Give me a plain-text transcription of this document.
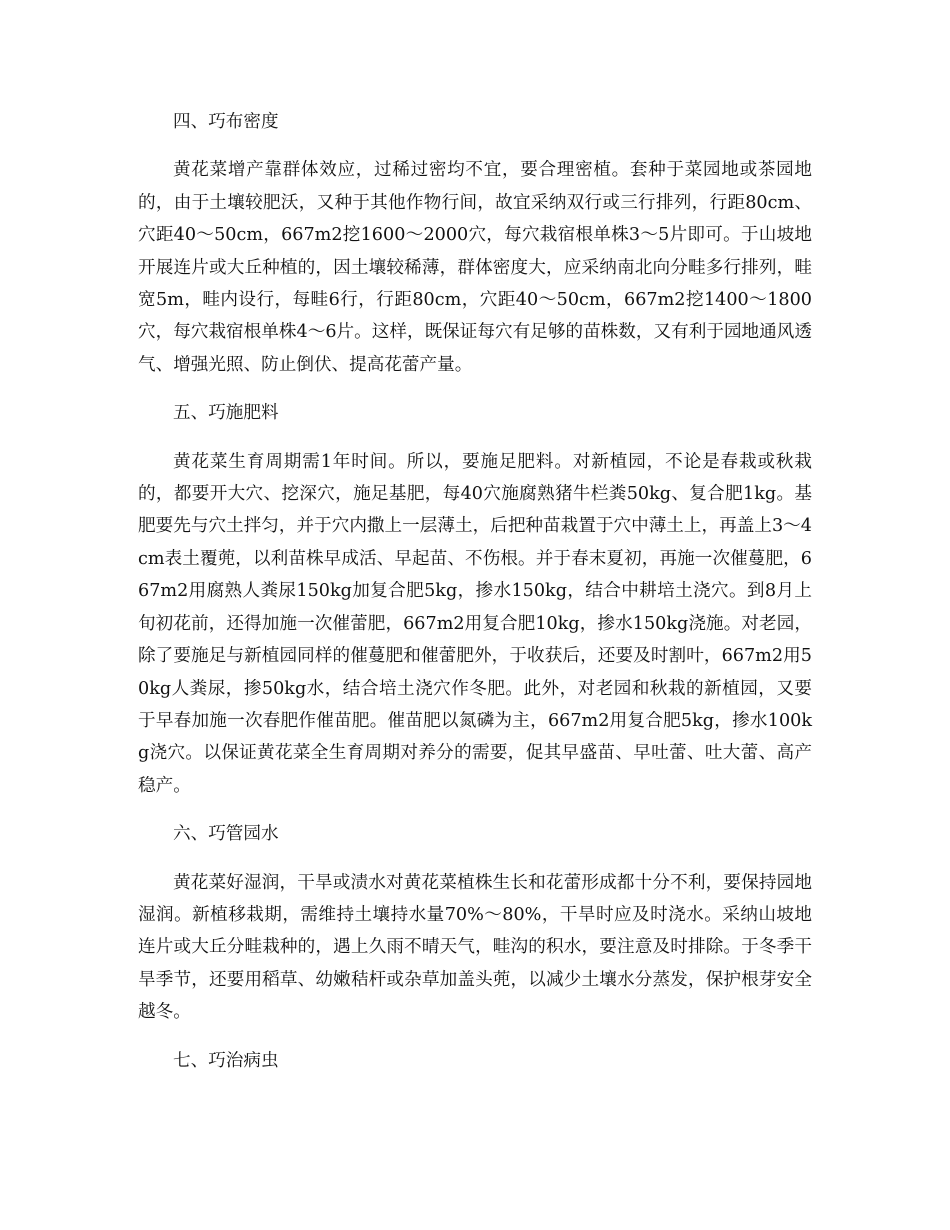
四、巧布密度

黄花菜增产靠群体效应，过稀过密均不宜，要合理密植。套种于菜园地或茶园地的，由于土壤较肥沃，又种于其他作物行间，故宜采纳双行或三行排列，行距80cm、穴距40～50cm，667m2挖1600～2000穴，每穴栽宿根单株3～5片即可。于山坡地开展连片或大丘种植的，因土壤较稀薄，群体密度大，应采纳南北向分畦多行排列，畦宽5m，畦内设行，每畦6行，行距80cm，穴距40～50cm，667m2挖1400～1800穴，每穴栽宿根单株4～6片。这样，既保证每穴有足够的苗株数，又有利于园地通风透气、增强光照、防止倒伏、提高花蕾产量。

五、巧施肥料

黄花菜生育周期需1年时间。所以，要施足肥料。对新植园，不论是春栽或秋栽的，都要开大穴、挖深穴，施足基肥，每40穴施腐熟猪牛栏粪50kg、复合肥1kg。基肥要先与穴土拌匀，并于穴内撒上一层薄土，后把种苗栽置于穴中薄土上，再盖上3～4cm表土覆蔸，以利苗株早成活、早起苗、不伤根。并于春末夏初，再施一次催蔓肥，667m2用腐熟人粪尿150kg加复合肥5kg，掺水150kg，结合中耕培土浇穴。到8月上旬初花前，还得加施一次催蕾肥，667m2用复合肥10kg，掺水150kg浇施。对老园，除了要施足与新植园同样的催蔓肥和催蕾肥外，于收获后，还要及时割叶，667m2用50kg人粪尿，掺50kg水，结合培土浇穴作冬肥。此外，对老园和秋栽的新植园，又要于早春加施一次春肥作催苗肥。催苗肥以氮磷为主，667m2用复合肥5kg，掺水100kg浇穴。以保证黄花菜全生育周期对养分的需要，促其早盛苗、早吐蕾、吐大蕾、高产稳产。

六、巧管园水

黄花菜好湿润，干旱或渍水对黄花菜植株生长和花蕾形成都十分不利，要保持园地湿润。新植移栽期，需维持土壤持水量70%～80%，干旱时应及时浇水。采纳山坡地连片或大丘分畦栽种的，遇上久雨不晴天气，畦沟的积水，要注意及时排除。于冬季干旱季节，还要用稻草、幼嫩秸杆或杂草加盖头蔸，以减少土壤水分蒸发，保护根芽安全越冬。

七、巧治病虫
